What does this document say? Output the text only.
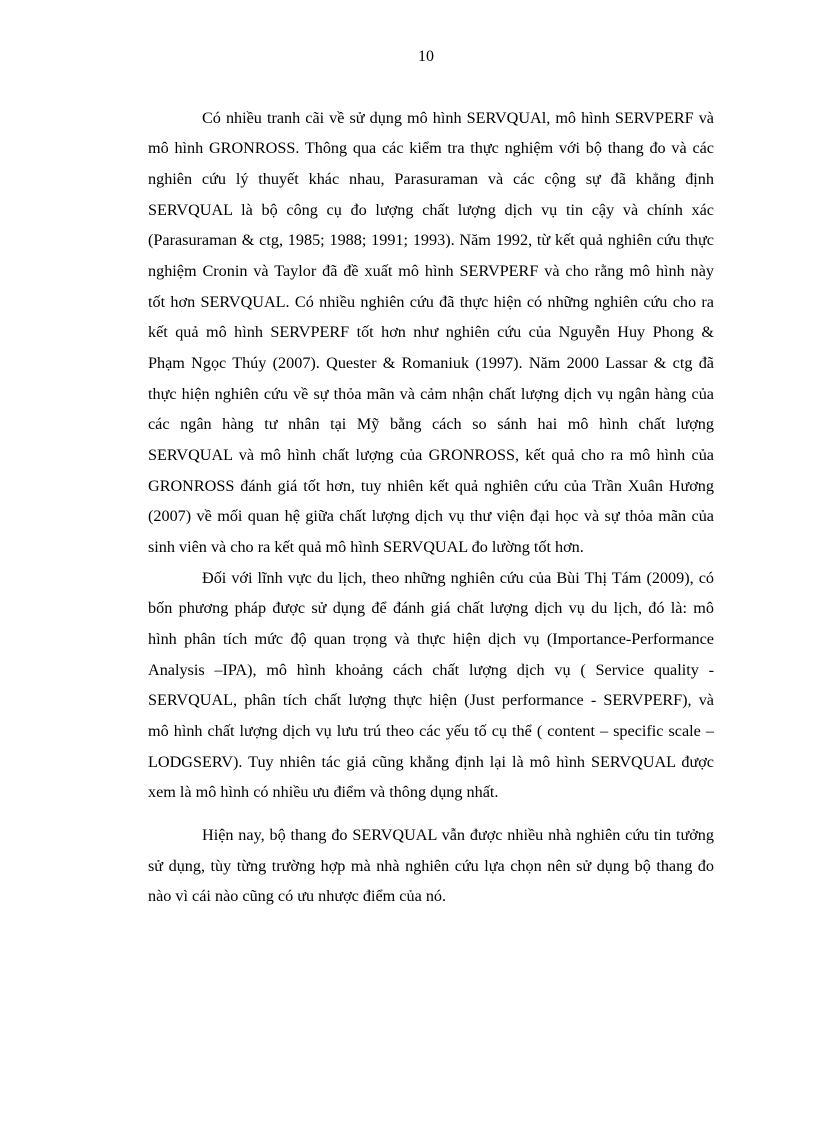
10
Có nhiều tranh cãi về sử dụng mô hình SERVQUAl, mô hình SERVPERF và
mô hình GRONROSS. Thông qua các kiểm tra thực nghiệm với bộ thang đo và các
nghiên cứu lý thuyết khác nhau, Parasuraman và các cộng sự đã khẳng định
SERVQUAL là bộ công cụ đo lượng chất lượng dịch vụ tin cậy và chính xác
(Parasuraman & ctg, 1985; 1988; 1991; 1993). Năm 1992, từ kết quả nghiên cứu thực
nghiệm Cronin và Taylor đã đề xuất mô hình SERVPERF và cho rằng mô hình này
tốt hơn SERVQUAL. Có nhiều nghiên cứu đã thực hiện có những nghiên cứu cho ra
kết quả mô hình SERVPERF tốt hơn như nghiên cứu của Nguyễn Huy Phong &
Phạm Ngọc Thúy (2007). Quester & Romaniuk (1997). Năm 2000 Lassar & ctg đã
thực hiện nghiên cứu về sự thỏa mãn và cảm nhận chất lượng dịch vụ ngân hàng của
các ngân hàng tư nhân tại Mỹ bằng cách so sánh hai mô hình chất lượng
SERVQUAL và mô hình chất lượng của GRONROSS, kết quả cho ra mô hình của
GRONROSS đánh giá tốt hơn, tuy nhiên kết quả nghiên cứu của Trần Xuân Hương
(2007) về mối quan hệ giữa chất lượng dịch vụ thư viện đại học và sự thỏa mãn của
sinh viên và cho ra kết quả mô hình SERVQUAL đo lường tốt hơn.
Đối với lĩnh vực du lịch, theo những nghiên cứu của Bùi Thị Tám (2009), có
bốn phương pháp được sử dụng để đánh giá chất lượng dịch vụ du lịch, đó là: mô
hình phân tích mức độ quan trọng và thực hiện dịch vụ (Importance-Performance
Analysis –IPA), mô hình khoảng cách chất lượng dịch vụ ( Service quality -
SERVQUAL, phân tích chất lượng thực hiện (Just performance - SERVPERF), và
mô hình chất lượng dịch vụ lưu trú theo các yếu tố cụ thể ( content – specific scale –
LODGSERV). Tuy nhiên tác giả cũng khẳng định lại là mô hình SERVQUAL được
xem là mô hình có nhiều ưu điểm và thông dụng nhất.
Hiện nay, bộ thang đo SERVQUAL vẫn được nhiều nhà nghiên cứu tin tưởng
sử dụng, tùy từng trường hợp mà nhà nghiên cứu lựa chọn nên sử dụng bộ thang đo
nào vì cái nào cũng có ưu nhược điểm của nó.
